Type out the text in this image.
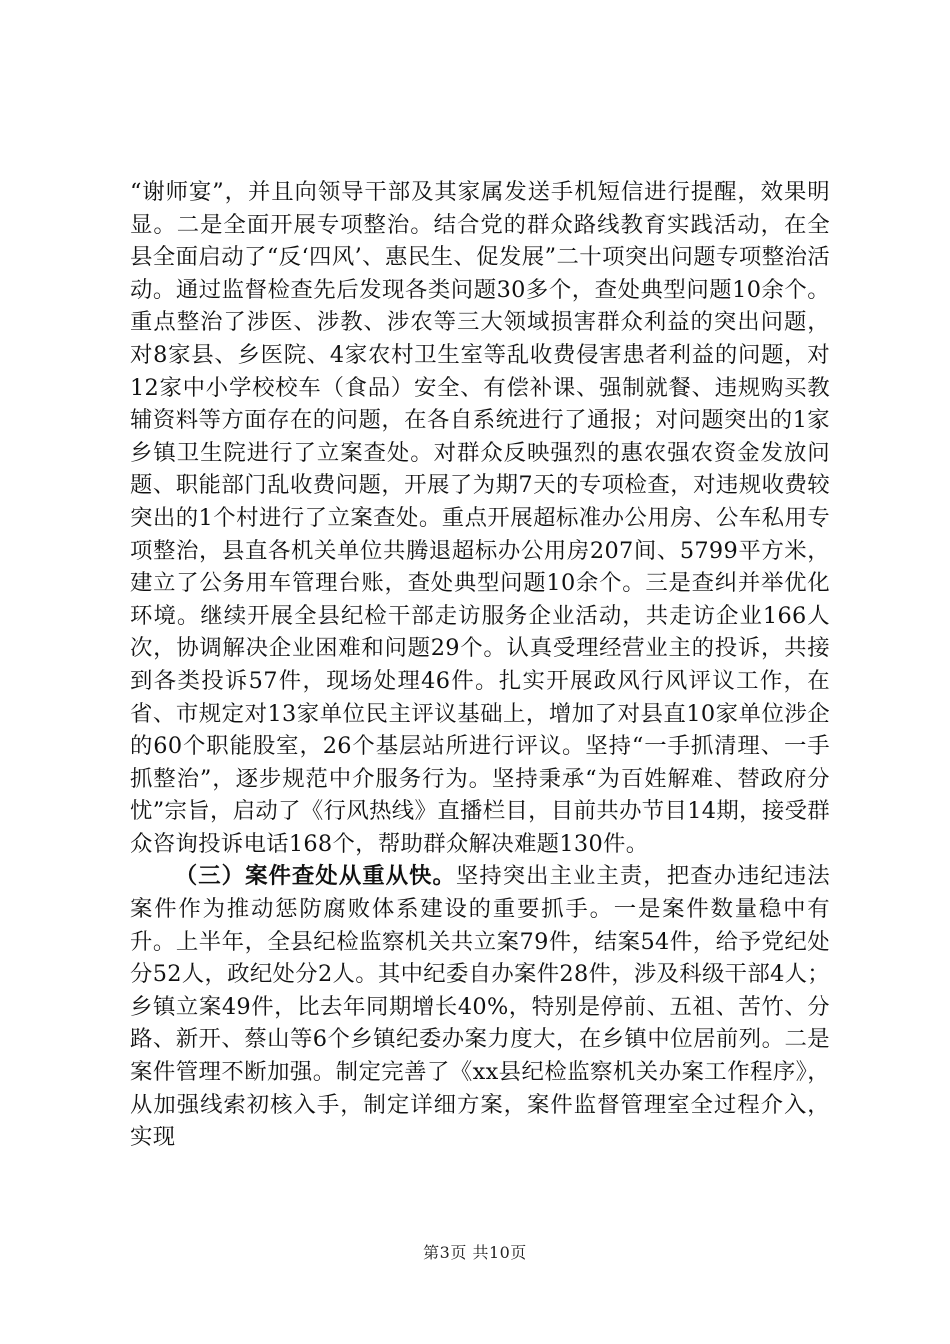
“谢师宴”，并且向领导干部及其家属发送手机短信进行提醒，效果明显。二是全面开展专项整治。结合党的群众路线教育实践活动，在全县全面启动了“反‘四风’、惠民生、促发展”二十项突出问题专项整治活动。通过监督检查先后发现各类问题30多个，查处典型问题10余个。重点整治了涉医、涉教、涉农等三大领域损害群众利益的突出问题，对8家县、乡医院、4家农村卫生室等乱收费侵害患者利益的问题，对12家中小学校校车（食品）安全、有偿补课、强制就餐、违规购买教辅资料等方面存在的问题，在各自系统进行了通报；对问题突出的1家乡镇卫生院进行了立案查处。对群众反映强烈的惠农强农资金发放问题、职能部门乱收费问题，开展了为期7天的专项检查，对违规收费较突出的1个村进行了立案查处。重点开展超标准办公用房、公车私用专项整治，县直各机关单位共腾退超标办公用房207间、5799平方米，建立了公务用车管理台账，查处典型问题10余个。三是查纠并举优化环境。继续开展全县纪检干部走访服务企业活动，共走访企业166人次，协调解决企业困难和问题29个。认真受理经营业主的投诉，共接到各类投诉57件，现场处理46件。扎实开展政风行风评议工作，在省、市规定对13家单位民主评议基础上，增加了对县直10家单位涉企的60个职能股室，26个基层站所进行评议。坚持“一手抓清理、一手抓整治”，逐步规范中介服务行为。坚持秉承“为百姓解难、替政府分忧”宗旨，启动了《行风热线》直播栏目，目前共办节目14期，接受群众咨询投诉电话168个，帮助群众解决难题130件。

（三）案件查处从重从快。坚持突出主业主责，把查办违纪违法案件作为推动惩防腐败体系建设的重要抓手。一是案件数量稳中有升。上半年，全县纪检监察机关共立案79件，结案54件，给予党纪处分52人，政纪处分2人。其中纪委自办案件28件，涉及科级干部4人；乡镇立案49件，比去年同期增长40%，特别是停前、五祖、苦竹、分路、新开、蔡山等6个乡镇纪委办案力度大，在乡镇中位居前列。二是案件管理不断加强。制定完善了《xx县纪检监察机关办案工作程序》，从加强线索初核入手，制定详细方案，案件监督管理室全过程介入，实现

第3页 共10页
